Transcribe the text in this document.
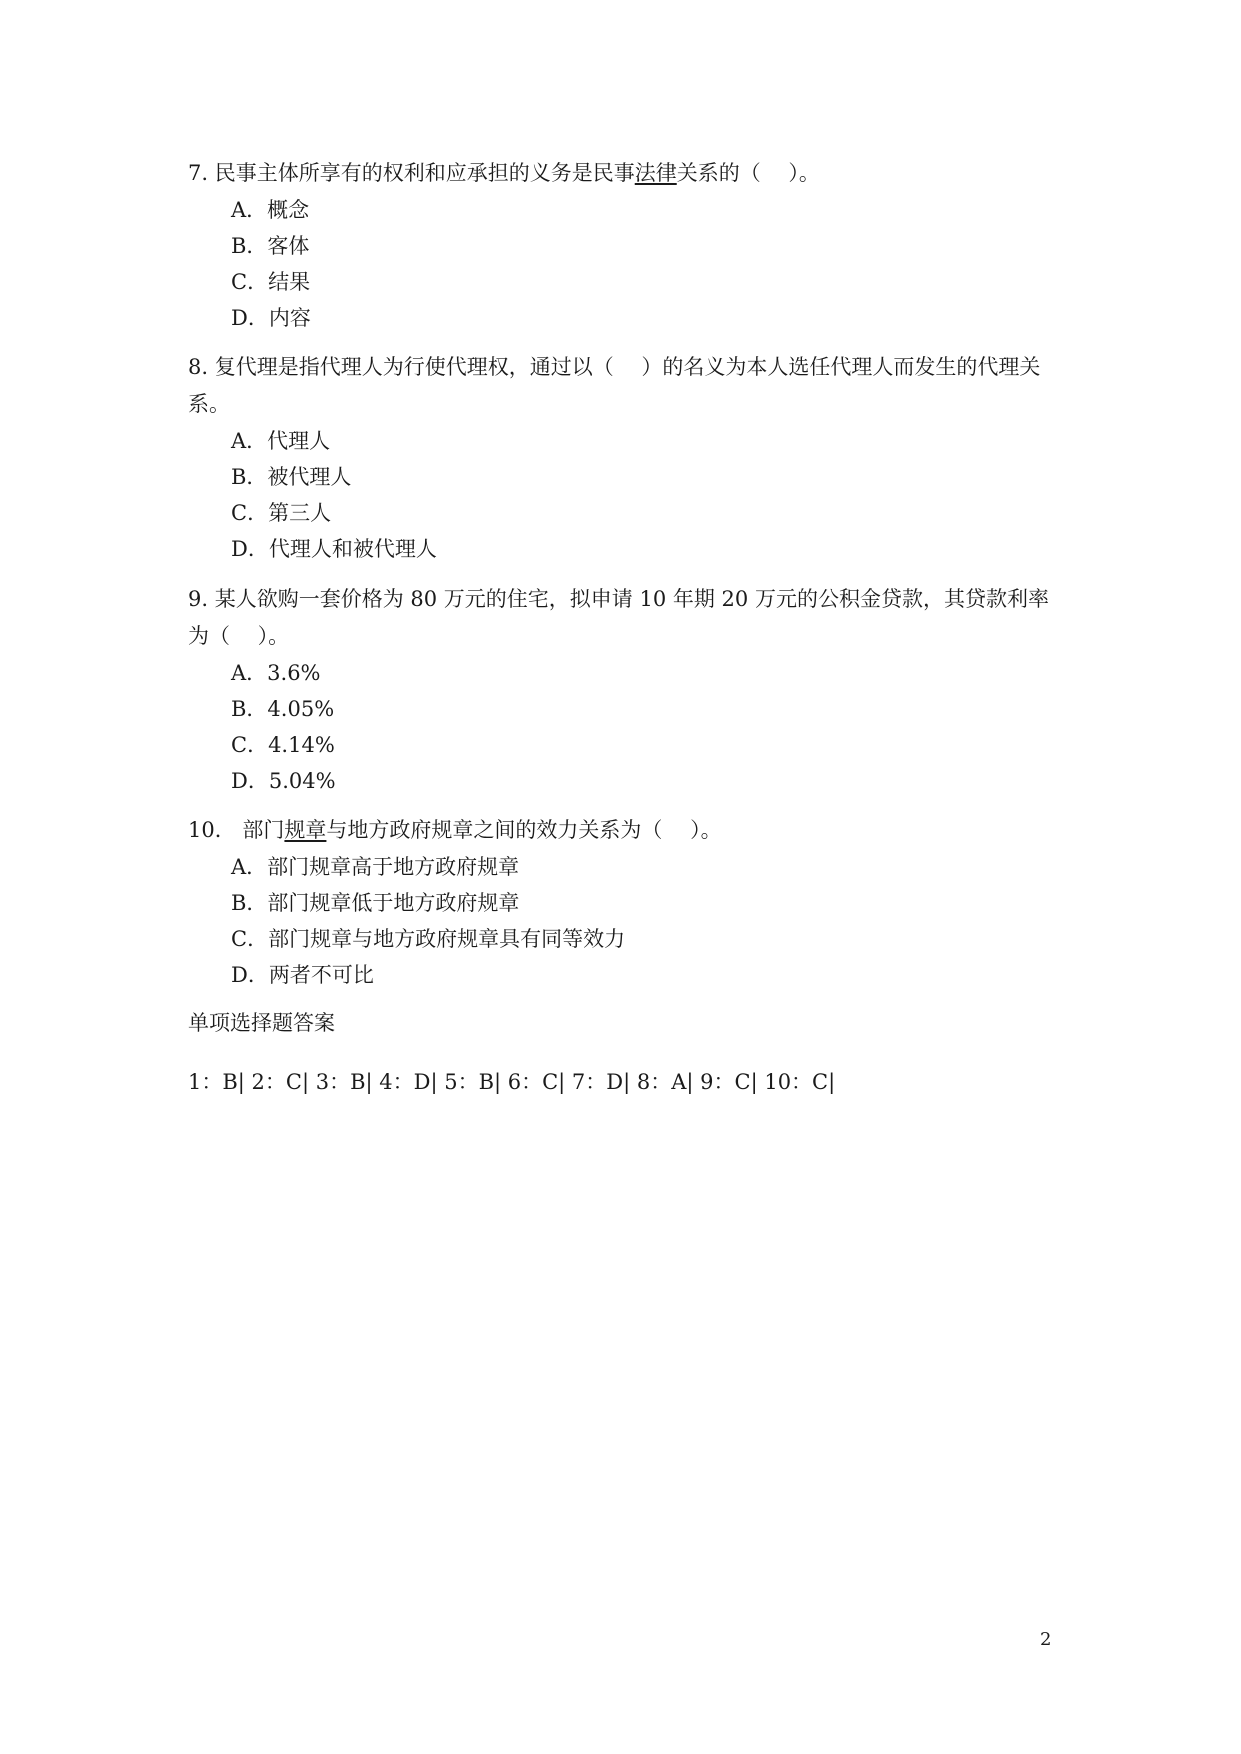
7. 民事主体所享有的权利和应承担的义务是民事法律关系的（　 ）。

A．概念
B．客体
C．结果
D．内容

8. 复代理是指代理人为行使代理权，通过以（　 ）的名义为本人选任代理人而发生的代理关系。

A．代理人
B．被代理人
C．第三人
D．代理人和被代理人

9. 某人欲购一套价格为 80 万元的住宅，拟申请 10 年期 20 万元的公积金贷款，其贷款利率为（　 ）。

A．3.6%
B．4.05%
C．4.14%
D．5.04%

10． 部门规章与地方政府规章之间的效力关系为（　 ）。

A．部门规章高于地方政府规章
B．部门规章低于地方政府规章
C．部门规章与地方政府规章具有同等效力
D．两者不可比
单项选择题答案
1：B| 2：C| 3：B| 4：D| 5：B| 6：C| 7：D| 8：A| 9：C| 10：C|
2
